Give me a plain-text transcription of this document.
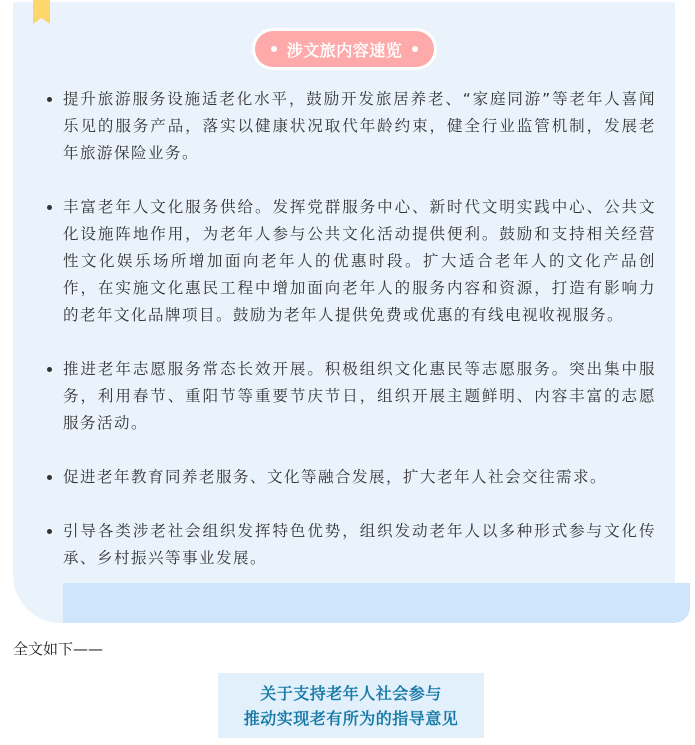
涉文旅内容速览
提升旅游服务设施适老化水平，鼓励开发旅居养老、“家庭同游”等老年人喜闻乐见的服务产品，落实以健康状况取代年龄约束，健全行业监管机制，发展老年旅游保险业务。
丰富老年人文化服务供给。发挥党群服务中心、新时代文明实践中心、公共文化设施阵地作用，为老年人参与公共文化活动提供便利。鼓励和支持相关经营性文化娱乐场所增加面向老年人的优惠时段。扩大适合老年人的文化产品创作，在实施文化惠民工程中增加面向老年人的服务内容和资源，打造有影响力的老年文化品牌项目。鼓励为老年人提供免费或优惠的有线电视收视服务。
推进老年志愿服务常态长效开展。积极组织文化惠民等志愿服务。突出集中服务，利用春节、重阳节等重要节庆节日，组织开展主题鲜明、内容丰富的志愿服务活动。
促进老年教育同养老服务、文化等融合发展，扩大老年人社会交往需求。
引导各类涉老社会组织发挥特色优势，组织发动老年人以多种形式参与文化传承、乡村振兴等事业发展。
全文如下——
关于支持老年人社会参与
推动实现老有所为的指导意见
